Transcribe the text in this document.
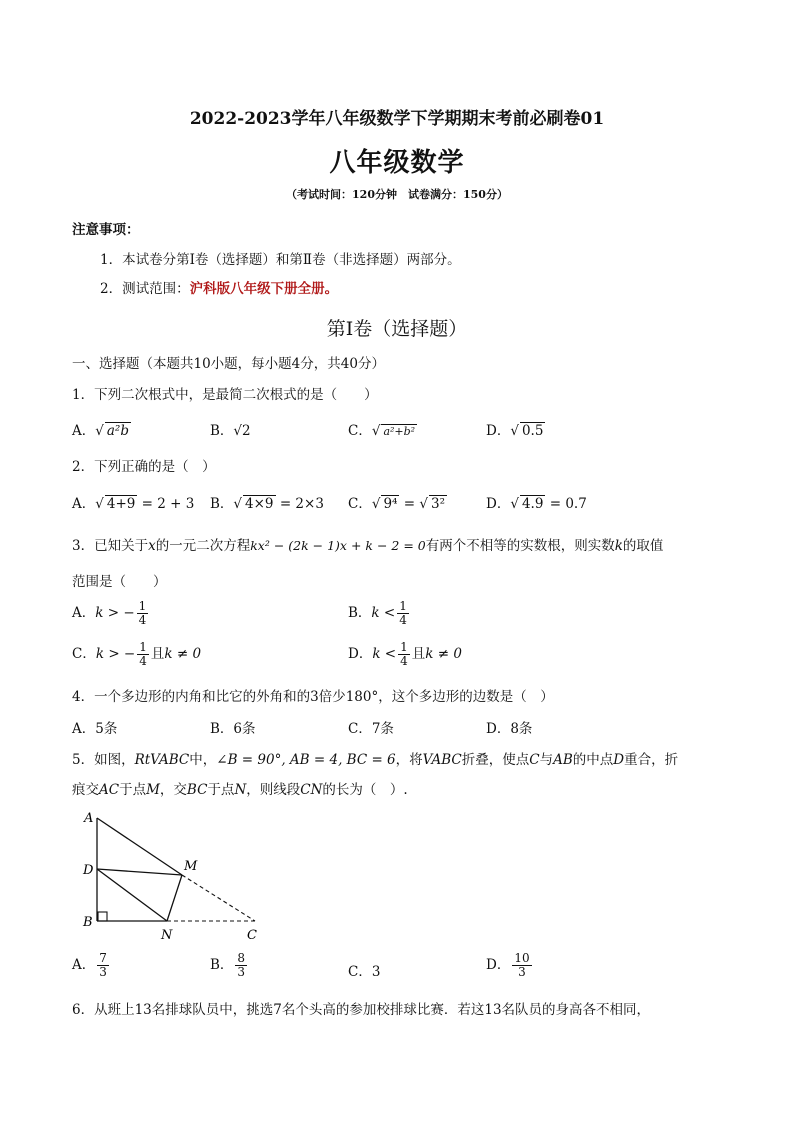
2022-2023学年八年级数学下学期期末考前必刷卷01
八年级数学
（考试时间：120分钟　试卷满分：150分）
注意事项：
1．本试卷分第Ⅰ卷（选择题）和第Ⅱ卷（非选择题）两部分。
2．测试范围：沪科版八年级下册全册。
第Ⅰ卷（选择题）
一、选择题（本题共10小题，每小题4分，共40分）
1．下列二次根式中，是最简二次根式的是（　　）
A．√ a²b	B．√2	C．√ a²+b²	D．√ 0.5
2．下列正确的是（　）
A．√ 4+9 = 2 + 3 B．√ 4×9 = 2×3 C．√ 9⁴ = √ 3²	D．√ 4.9 = 0.7
3．已知关于x的一元二次方程kx² − (2k − 1)x + k − 2 = 0有两个不相等的实数根，则实数k的取值
范围是（　　）
A．k > − $\frac{1}{4}$	B．$k < \frac{1}{4}$
C．k > − $\frac{1}{4}$ 且k ≠ 0	D．$k < \frac{1}{4}$ 且k ≠ 0
4．一个多边形的内角和比它的外角和的3倍少180°，这个多边形的边数是（　）
A．5条	B．6条	C．7条	D．8条
5．如图，RtVABC中，∠B = 90°, AB = 4, BC = 6，将VABC折叠，使点C与AB的中点D重合，折
痕交AC于点M，交BC于点N，则线段CN的长为（　）.
A
D
B
N
M
C
A． $\frac{7}{3}$	B． $\frac{8}{3}$	C．3	D． $\frac{10}{3}$
6．从班上13名排球队员中，挑选7名个头高的参加校排球比赛．若这13名队员的身高各不相同，
